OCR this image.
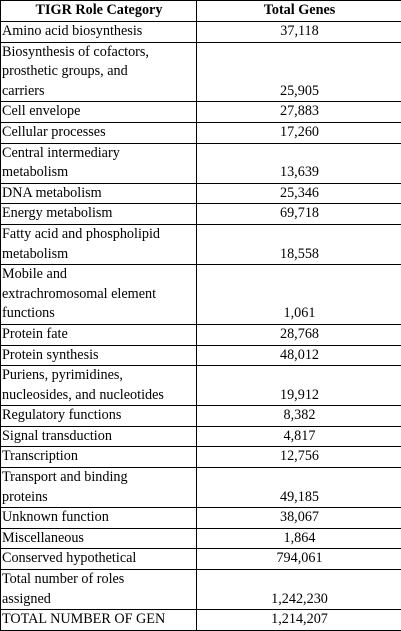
TIGR Role Category	Total Genes
Amino acid biosynthesis	37,118
Biosynthesis of cofactors,
prosthetic groups, and
carriers	25,905
Cell envelope	27,883
Cellular processes	17,260
Central intermediary
metabolism	13,639
DNA metabolism	25,346
Energy metabolism	69,718
Fatty acid and phospholipid
metabolism	18,558
Mobile and
extrachromosomal element
functions	1,061
Protein fate	28,768
Protein synthesis	48,012
Puriens, pyrimidines,
nucleosides, and nucleotides	19,912
Regulatory functions	8,382
Signal transduction	4,817
Transcription	12,756
Transport and binding
proteins	49,185
Unknown function	38,067
Miscellaneous	1,864
Conserved hypothetical	794,061
Total number of roles
assigned	1,242,230
TOTAL NUMBER OF GEN	1,214,207
